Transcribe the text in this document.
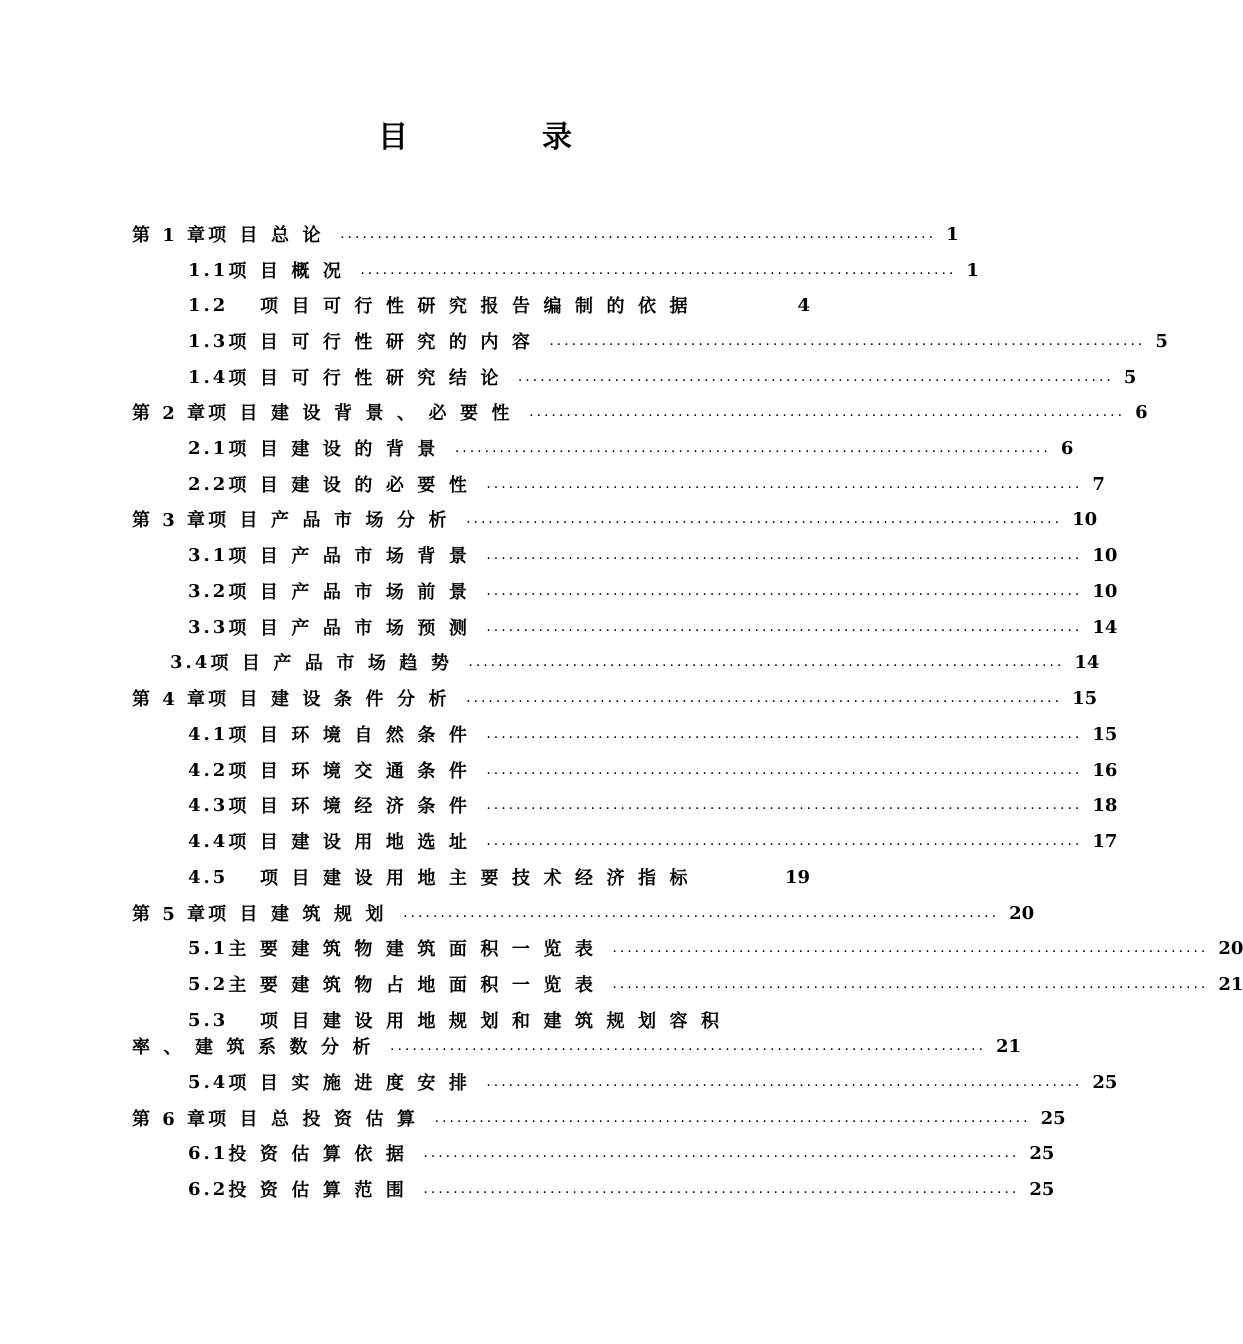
目　录
第 1 章 项目总论 ................................................................................ 1
1.1 项目概况 ................................................................................ 1
1.2	项目可行性研究报告编制的依据	4
1.3 项目可行性研究的内容 ................................................................................ 5
1.4 项目可行性研究结论 ................................................................................ 5
第 2 章 项目建设背景、必要性 ................................................................................ 6
2.1 项目建设的背景 ................................................................................ 6
2.2 项目建设的必要性 ................................................................................ 7
第 3 章 项目产品市场分析 ................................................................................ 10
3.1 项目产品市场背景 ................................................................................ 10
3.2 项目产品市场前景 ................................................................................ 10
3.3 项目产品市场预测 ................................................................................ 14
3.4 项目产品市场趋势 ................................................................................ 14
第 4 章 项目建设条件分析 ................................................................................ 15
4.1 项目环境自然条件 ................................................................................ 15
4.2 项目环境交通条件 ................................................................................ 16
4.3 项目环境经济条件 ................................................................................ 18
4.4 项目建设用地选址 ................................................................................ 17
4.5	项目建设用地主要技术经济指标	19
第 5 章 项目建筑规划 ................................................................................ 20
5.1 主要建筑物建筑面积一览表 ................................................................................ 20
5.2 主要建筑物占地面积一览表 ................................................................................ 21
5.3	项目建设用地规划和建筑规划容积
率、建筑系数分析 ................................................................................ 21
5.4 项目实施进度安排 ................................................................................ 25
第 6 章 项目总投资估算 ................................................................................ 25
6.1 投资估算依据 ................................................................................ 25
6.2 投资估算范围 ................................................................................ 25
